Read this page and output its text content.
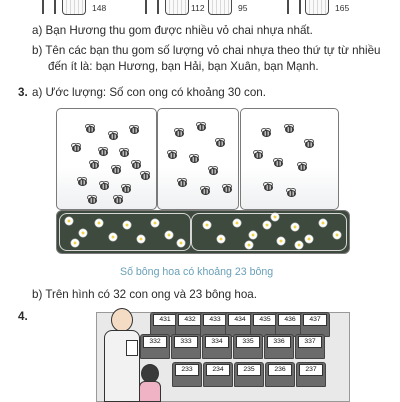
148	112	95	165
a) Bạn Hương thu gom được nhiều vỏ chai nhựa nhất.
b) Tên các bạn thu gom số lượng vỏ chai nhựa theo thứ tự từ nhiều
đến ít là: bạn Hương, bạn Hải, bạn Xuân, bạn Mạnh.
3. a) Ước lượng: Số con ong có khoảng 30 con.
Số bông hoa có khoảng 23 bông
b) Trên hình có 32 con ong và 23 bông hoa.
4.	431	432	433	434	435	436	437
332	333	334	335	336	337
233	234	235	236	237
